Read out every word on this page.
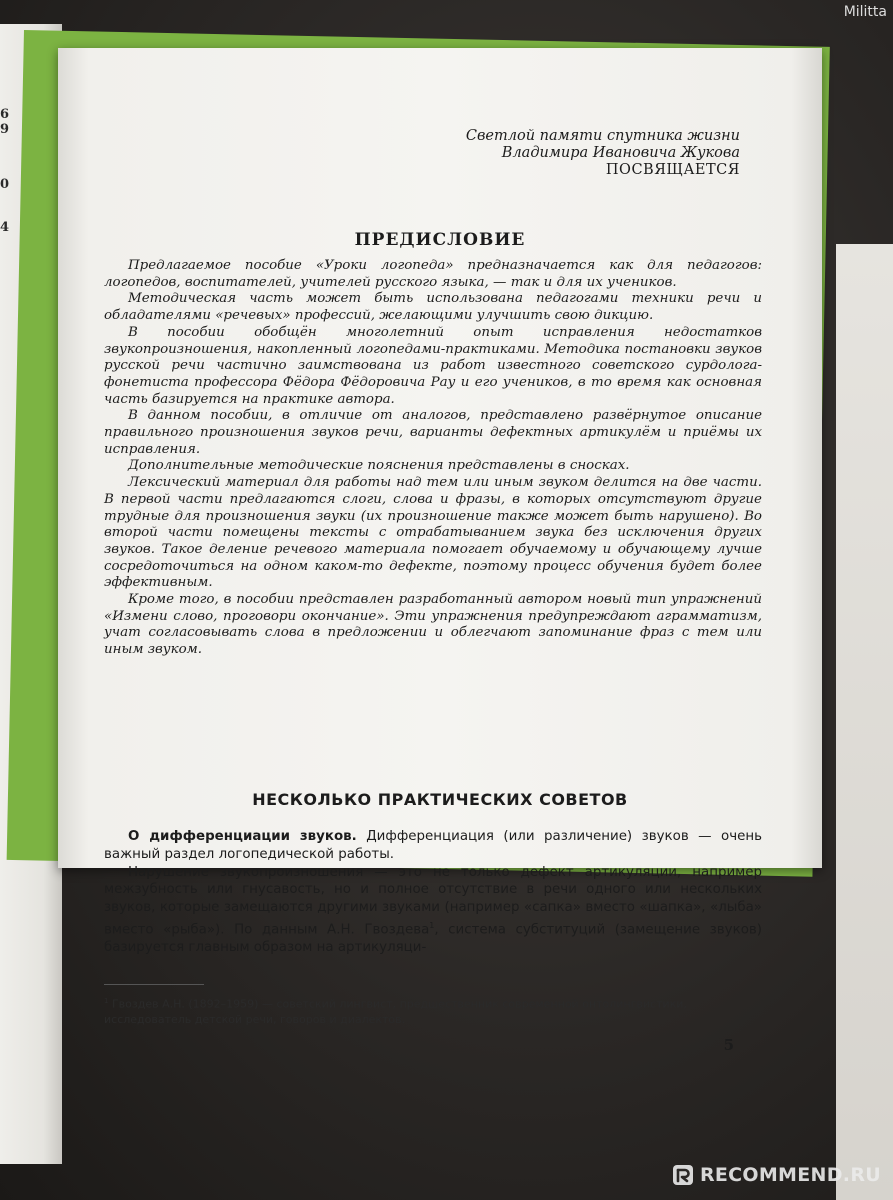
6
9
0
4
Светлой памяти спутника жизни
Владимира Ивановича Жукова
ПОСВЯЩАЕТСЯ
ПРЕДИСЛОВИЕ

Предлагаемое пособие «Уроки логопеда» предназначается как для педагогов: логопедов, воспитателей, учителей русского языка, — так и для их учеников.

Методическая часть может быть использована педагогами техники речи и обладателями «речевых» профессий, желающими улучшить свою дикцию.

В пособии обобщён многолетний опыт исправления недостатков звукопроизношения, накопленный логопедами-практиками. Методика постановки звуков русской речи частично заимствована из работ известного советского сурдолога-фонетиста профессора Фёдора Фёдоровича Рау и его учеников, в то время как основная часть базируется на практике автора.

В данном пособии, в отличие от аналогов, представлено развёрнутое описание правильного произношения звуков речи, варианты дефектных артикулём и приёмы их исправления.

Дополнительные методические пояснения представлены в сносках.

Лексический материал для работы над тем или иным звуком делится на две части. В первой части предлагаются слоги, слова и фразы, в которых отсутствуют другие трудные для произношения звуки (их произношение также может быть нарушено). Во второй части помещены тексты с отрабатыванием звука без исключения других звуков. Такое деление речевого материала помогает обучаемому и обучающему лучше сосредоточиться на одном каком-то дефекте, поэтому процесс обучения будет более эффективным.

Кроме того, в пособии представлен разработанный автором новый тип упражнений «Измени слово, проговори окончание». Эти упражнения предупреждают аграмматизм, учат согласовывать слова в предложении и облегчают запоминание фраз с тем или иным звуком.

НЕСКОЛЬКО ПРАКТИЧЕСКИХ СОВЕТОВ

О дифференциации звуков. Дифференциация (или различение) звуков — очень важный раздел логопедической работы.

Нарушение звукопроизношения — это не только дефект артикуляции, например межзубность или гнусавость, но и полное отсутствие в речи одного или нескольких звуков, которые замещаются другими звуками (например «сапка» вместо «шапка», «лыба» вместо «рыба»). По данным А.Н. Гвоздева$^1$, система субституций (замещение звуков) базируется главным образом на артикуляци-

$^1$ Гвоздев А.Н. (1892–1959) — советский лингвист, предшественник современной онтолингвистики, исследователь детской речи, говоров и диалектов.
5
Militta
RECOMMEND.RU
